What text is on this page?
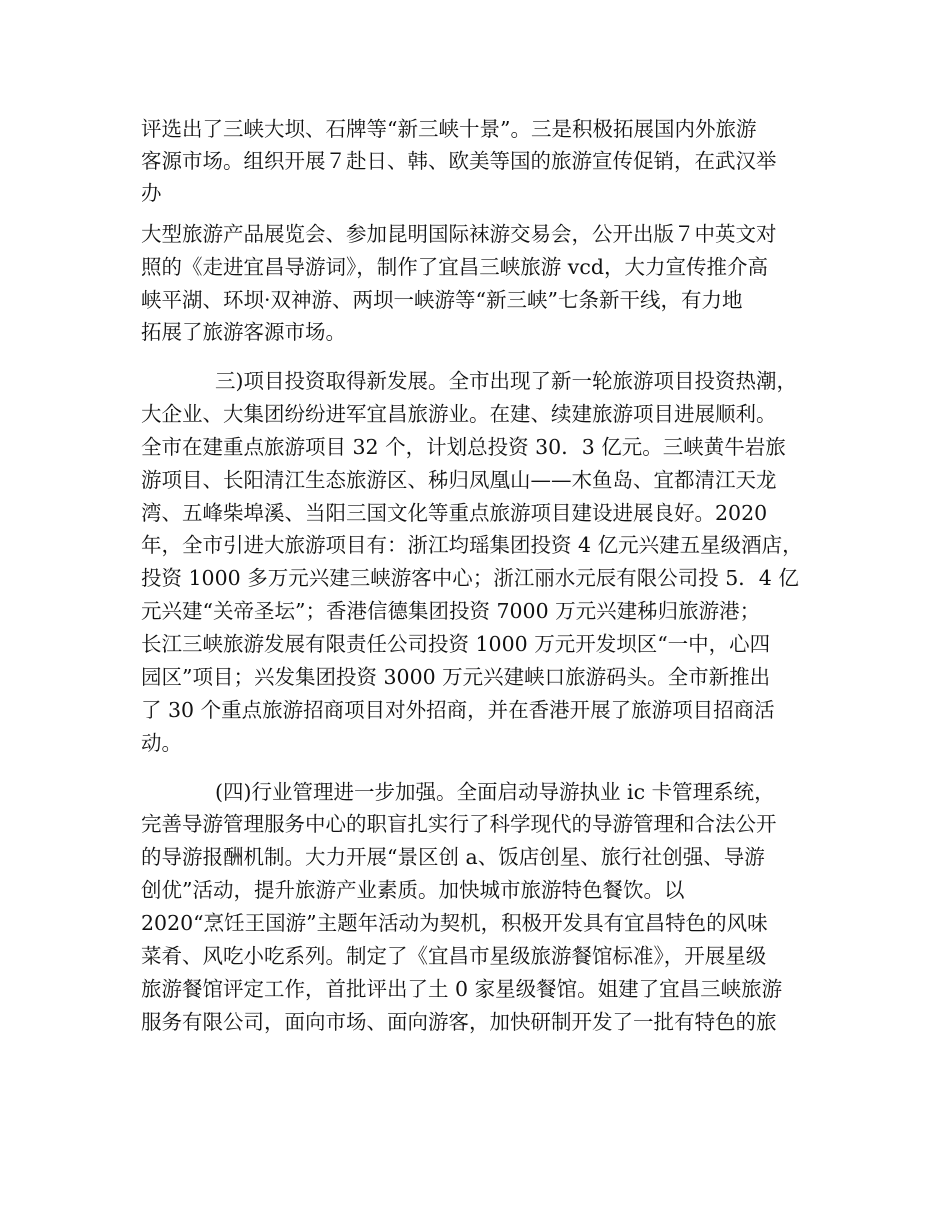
评选出了三峡大坝、石牌等“新三峡十景”。三是积极拓展国内外旅游
客源市场。组织开展７赴日、韩、欧美等国的旅游宣传促销，在武汉举
办
大型旅游产品展览会、参加昆明国际袜游交易会，公开出版７中英文对
照的《走进宜昌导游词》，制作了宜昌三峡旅游 vcd，大力宣传推介高
峡平湖、环坝·双神游、两坝一峡游等“新三峡”七条新干线，有力地
拓展了旅游客源市场。
三)项目投资取得新发展。全市出现了新一轮旅游项目投资热潮，
大企业、大集团纷纷进军宜昌旅游业。在建、续建旅游项目进展顺利。
全市在建重点旅游项目 32 个，计划总投资 30．3 亿元。三峡黄牛岩旅
游项目、长阳清江生态旅游区、秭归凤凰山——木鱼岛、宜都清江天龙
湾、五峰柴埠溪、当阳三国文化等重点旅游项目建设进展良好。2020
年，全市引进大旅游项目有：浙江均瑶集团投资 4 亿元兴建五星级酒店，
投资 1000 多万元兴建三峡游客中心；浙江丽水元辰有限公司投 5．4 亿
元兴建“关帝圣坛”；香港信德集团投资 7000 万元兴建秭归旅游港；
长江三峡旅游发展有限责任公司投资 1000 万元开发坝区“一中，心四
园区”项目；兴发集团投资 3000 万元兴建峡口旅游码头。全市新推出
了 30 个重点旅游招商项目对外招商，并在香港开展了旅游项目招商活
动。
(四)行业管理进一步加强。全面启动导游执业 ic 卡管理系统，
完善导游管理服务中心的职盲扎实行了科学现代的导游管理和合法公开
的导游报酬机制。大力开展“景区创 a、饭店创星、旅行社创强、导游
创优”活动，提升旅游产业素质。加快城市旅游特色餐饮。以
2020“烹饪王国游”主题年活动为契机，积极开发具有宜昌特色的风味
菜肴、风吃小吃系列。制定了《宜昌市星级旅游餐馆标准》，开展星级
旅游餐馆评定工作，首批评出了土 0 家星级餐馆。姐建了宜昌三峡旅游
服务有限公司，面向市场、面向游客，加快研制开发了一批有特色的旅
